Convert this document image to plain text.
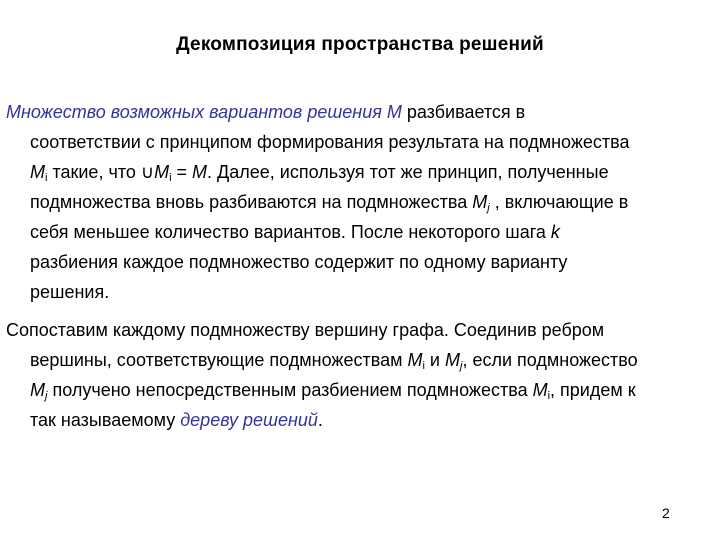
Декомпозиция пространства решений
Множество возможных вариантов решения M разбивается в
соответствии с принципом формирования результата на подмножества
$M_i$ такие, что $\cup M_i = M$. Далее, используя тот же принцип, полученные
подмножества вновь разбиваются на подмножества $M_j$ , включающие в
себя меньшее количество вариантов. После некоторого шага k
разбиения каждое подмножество содержит по одному варианту
решения.
Сопоставим каждому подмножеству вершину графа. Соединив ребром
вершины, соответствующие подмножествам $M_i$ и $M_j$, если подмножество
$M_j$ получено непосредственным разбиением подмножества $M_i$, придем к
так называемому дереву решений.
2
